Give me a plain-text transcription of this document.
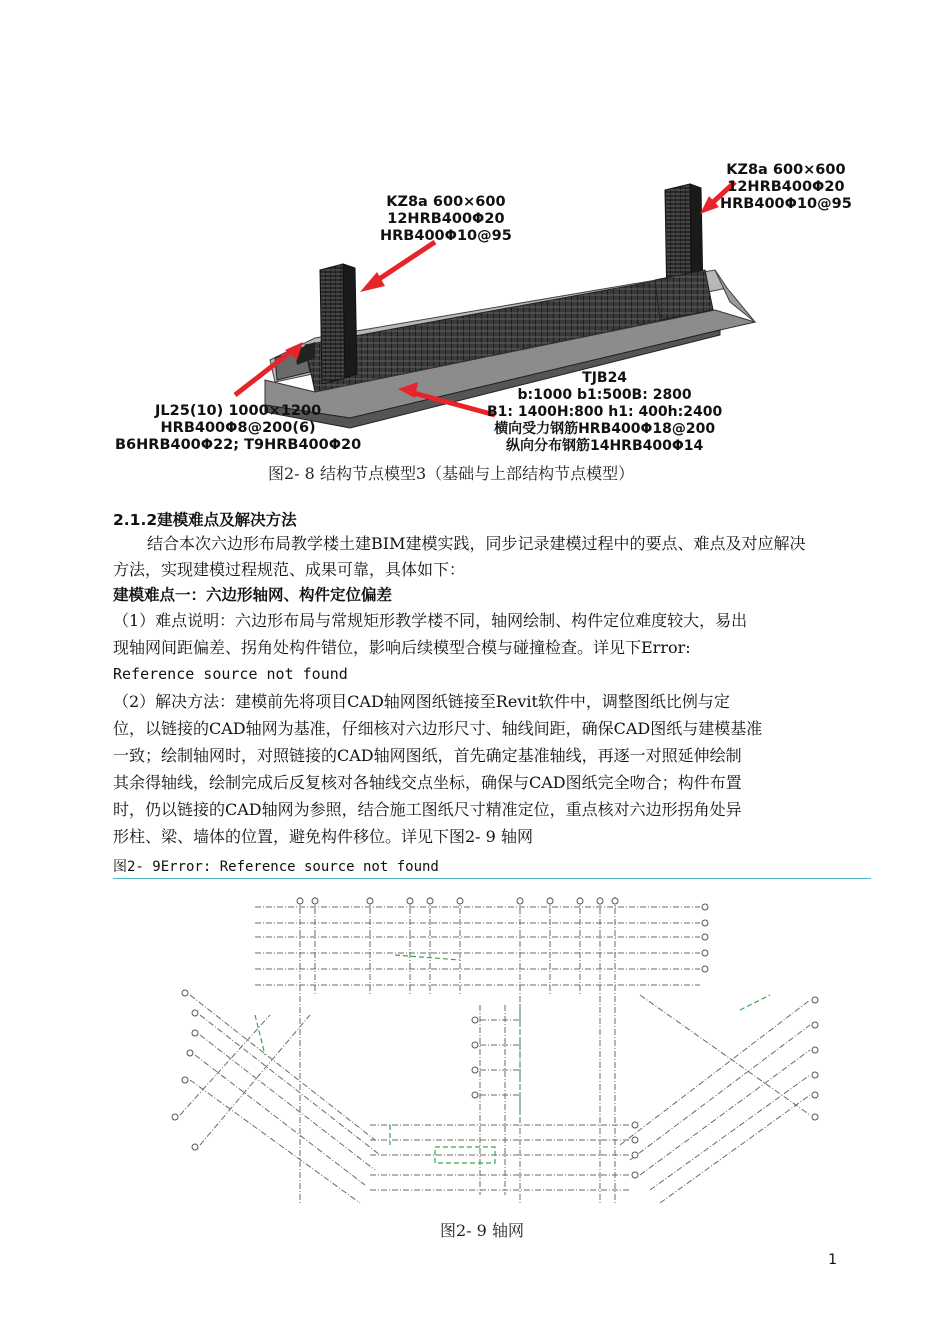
KZ8a 600×600
12HRB400Φ20
HRB400Φ10@95
KZ8a 600×600
12HRB400Φ20
HRB400Φ10@95
TJB24
b:1000 b1:500B: 2800
B1: 1400H:800 h1: 400h:2400
横向受力钢筋HRB400Φ18@200
纵向分布钢筋14HRB400Φ14
JL25(10) 1000×1200
HRB400Φ8@200(6)
B6HRB400Φ22; T9HRB400Φ20
图2- 8 结构节点模型3（基础与上部结构节点模型）
2.1.2建模难点及解决方法
结合本次六边形布局教学楼土建BIM建模实践，同步记录建模过程中的要点、难点及对应解决
方法，实现建模过程规范、成果可靠，具体如下：
建模难点一：六边形轴网、构件定位偏差
（1）难点说明：六边形布局与常规矩形教学楼不同，轴网绘制、构件定位难度较大，易出
现轴网间距偏差、拐角处构件错位，影响后续模型合模与碰撞检查。详见下Error:
Reference source not found
（2）解决方法：建模前先将项目CAD轴网图纸链接至Revit软件中，调整图纸比例与定
位，以链接的CAD轴网为基准，仔细核对六边形尺寸、轴线间距，确保CAD图纸与建模基准
一致；绘制轴网时，对照链接的CAD轴网图纸，首先确定基准轴线，再逐一对照延伸绘制
其余得轴线，绘制完成后反复核对各轴线交点坐标，确保与CAD图纸完全吻合；构件布置
时，仍以链接的CAD轴网为参照，结合施工图纸尺寸精准定位，重点核对六边形拐角处异
形柱、梁、墙体的位置，避免构件移位。详见下图2- 9 轴网
图2- 9Error: Reference source not found
图2- 9 轴网
1
